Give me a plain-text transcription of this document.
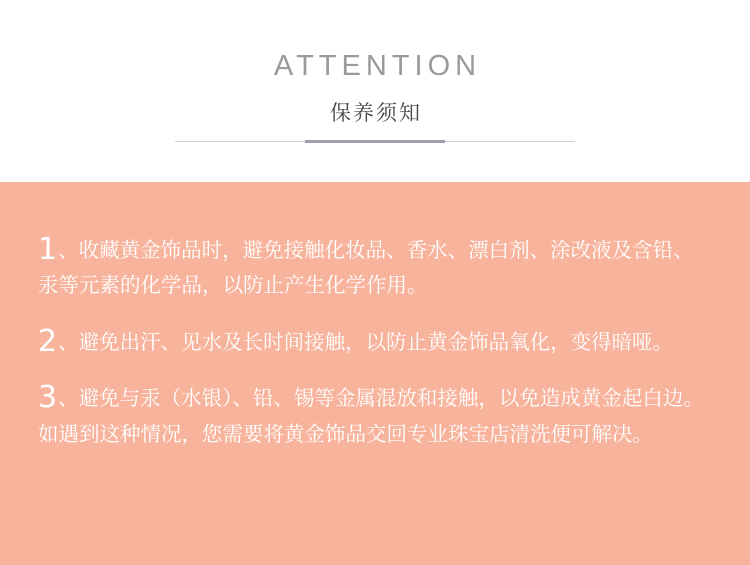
ATTENTION
保养须知

1、收藏黄金饰品时，避免接触化妆品、香水、漂白剂、涂改液及含铅、汞等元素的化学品，以防止产生化学作用。

2、避免出汗、见水及长时间接触，以防止黄金饰品氧化，变得暗哑。

3、避免与汞（水银）、铅、锡等金属混放和接触，以免造成黄金起白边。如遇到这种情况，您需要将黄金饰品交回专业珠宝店清洗便可解决。
